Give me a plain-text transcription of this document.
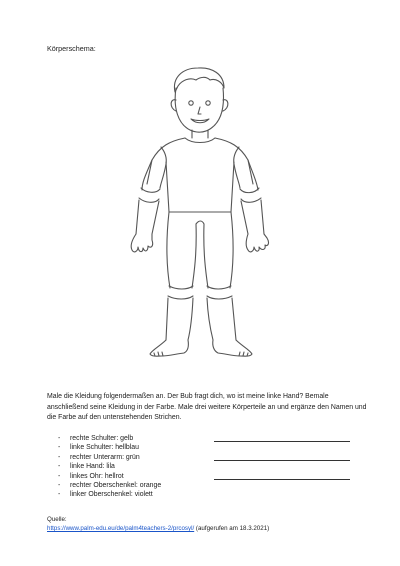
Körperschema:

Male die Kleidung folgendermaßen an. Der Bub fragt dich, wo ist meine linke Hand? Bemale anschließend seine Kleidung in der Farbe. Male drei weitere Körperteile an und ergänze den Namen und die Farbe auf den untenstehenden Strichen.

- rechte Schulter: gelb
- linke Schulter: hellblau
- rechter Unterarm: grün
- linke Hand: lila
- linkes Ohr: hellrot
- rechter Oberschenkel: orange
- linker Oberschenkel: violett
Quelle:
https://www.palm-edu.eu/de/palm4teachers-2/prcosyl/ (aufgerufen am 18.3.2021)
